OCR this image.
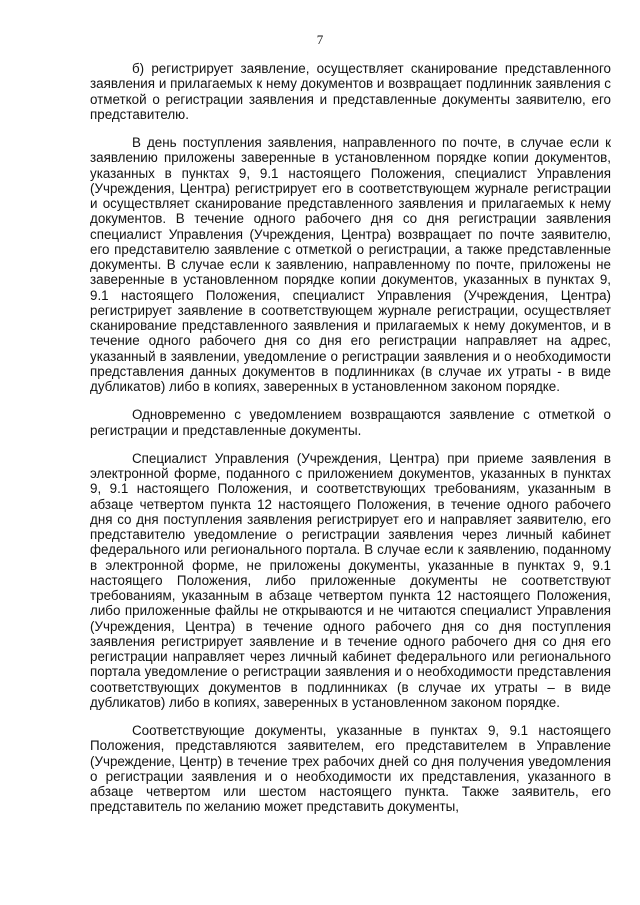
7

б) регистрирует заявление, осуществляет сканирование представленного заявления и прилагаемых к нему документов и возвращает подлинник заявления с отметкой о регистрации заявления и представленные документы заявителю, его представителю.

В день поступления заявления, направленного по почте, в случае если к заявлению приложены заверенные в установленном порядке копии документов, указанных в пунктах 9, 9.1 настоящего Положения, специалист Управления (Учреждения, Центра) регистрирует его в соответствующем журнале регистрации и осуществляет сканирование представленного заявления и прилагаемых к нему документов. В течение одного рабочего дня со дня регистрации заявления специалист Управления (Учреждения, Центра) возвращает по почте заявителю, его представителю заявление с отметкой о регистрации, а также представленные документы. В случае если к заявлению, направленному по почте, приложены не заверенные в установленном порядке копии документов, указанных в пунктах 9, 9.1 настоящего Положения, специалист Управления (Учреждения, Центра) регистрирует заявление в соответствующем журнале регистрации, осуществляет сканирование представленного заявления и прилагаемых к нему документов, и в течение одного рабочего дня со дня его регистрации направляет на адрес, указанный в заявлении, уведомление о регистрации заявления и о необходимости представления данных документов в подлинниках (в случае их утраты - в виде дубликатов) либо в копиях, заверенных в установленном законом порядке.

Одновременно с уведомлением возвращаются заявление с отметкой о регистрации и представленные документы.

Специалист Управления (Учреждения, Центра) при приеме заявления в электронной форме, поданного с приложением документов, указанных в пунктах 9, 9.1 настоящего Положения, и соответствующих требованиям, указанным в абзаце четвертом пункта 12 настоящего Положения, в течение одного рабочего дня со дня поступления заявления регистрирует его и направляет заявителю, его представителю уведомление о регистрации заявления через личный кабинет федерального или регионального портала. В случае если к заявлению, поданному в электронной форме, не приложены документы, указанные в пунктах 9, 9.1 настоящего Положения, либо приложенные документы не соответствуют требованиям, указанным в абзаце четвертом пункта 12 настоящего Положения, либо приложенные файлы не открываются и не читаются специалист Управления (Учреждения, Центра) в течение одного рабочего дня со дня поступления заявления регистрирует заявление и в течение одного рабочего дня со дня его регистрации направляет через личный кабинет федерального или регионального портала уведомление о регистрации заявления и о необходимости представления соответствующих документов в подлинниках (в случае их утраты – в виде дубликатов) либо в копиях, заверенных в установленном законом порядке.

Соответствующие документы, указанные в пунктах 9, 9.1 настоящего Положения, представляются заявителем, его представителем в Управление (Учреждение, Центр) в течение трех рабочих дней со дня получения уведомления о регистрации заявления и о необходимости их представления, указанного в абзаце четвертом или шестом настоящего пункта. Также заявитель, его представитель по желанию может представить документы,
